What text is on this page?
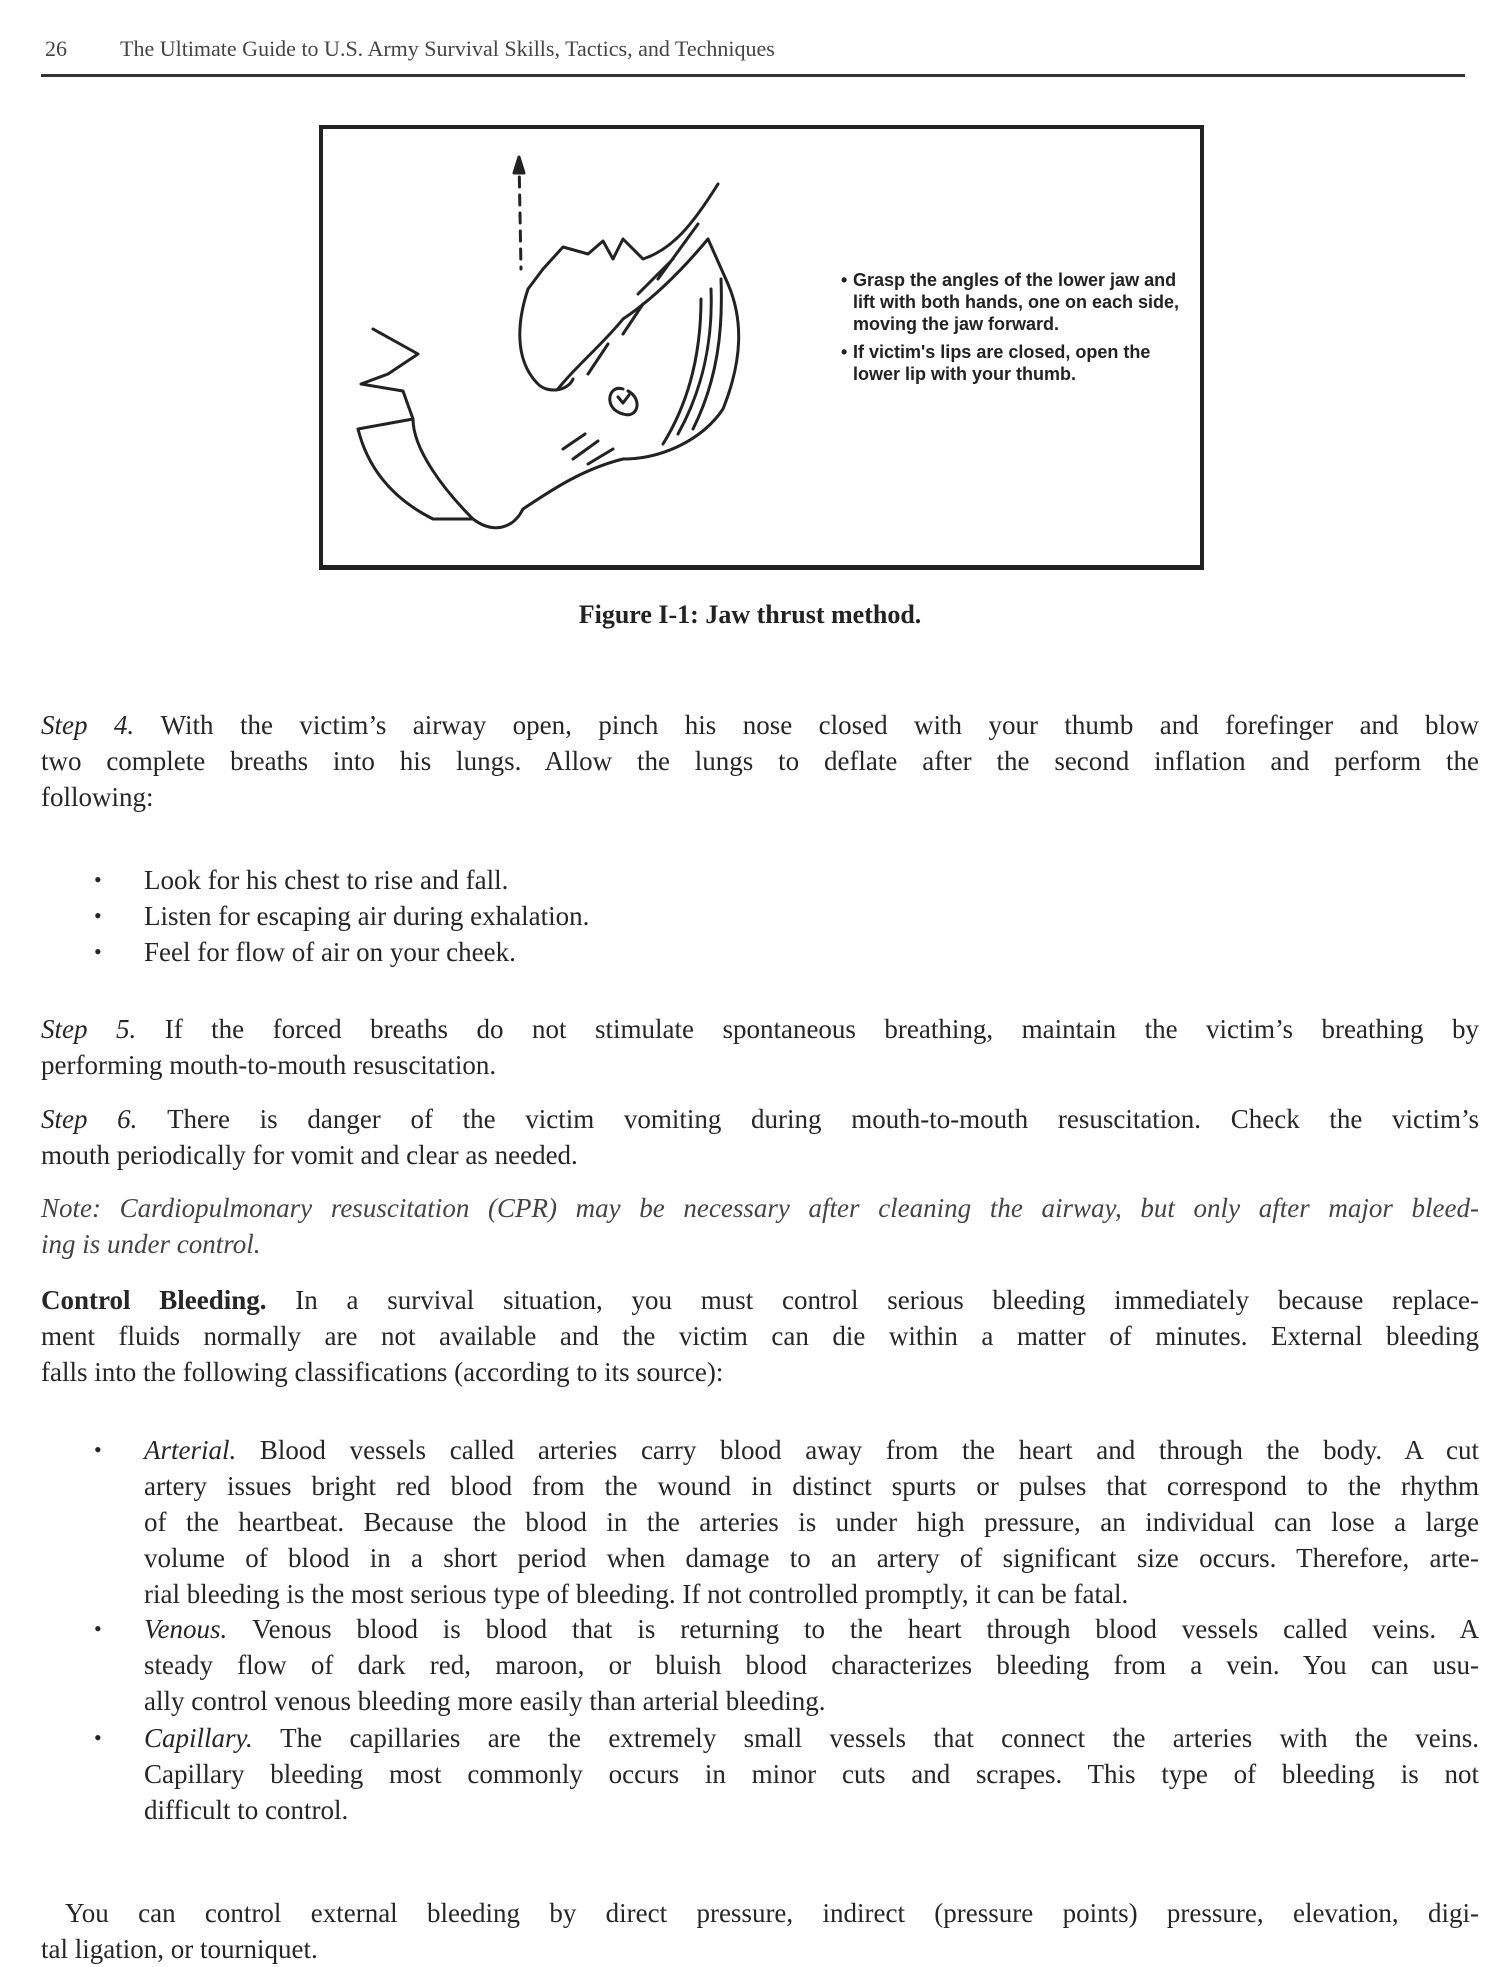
26 The Ultimate Guide to U.S. Army Survival Skills, Tactics, and Techniques
• Grasp the angles of the lower jaw and lift with both hands, one on each side, moving the jaw forward.
• If victim's lips are closed, open the lower lip with your thumb.
Figure I-1: Jaw thrust method.
Step 4. With the victim’s airway open, pinch his nose closed with your thumb and forefinger and blow
two complete breaths into his lungs. Allow the lungs to deflate after the second inflation and perform the
following:
• Look for his chest to rise and fall.
• Listen for escaping air during exhalation.
• Feel for flow of air on your cheek.
Step 5. If the forced breaths do not stimulate spontaneous breathing, maintain the victim’s breathing by
performing mouth-to-mouth resuscitation.
Step 6. There is danger of the victim vomiting during mouth-to-mouth resuscitation. Check the victim’s
mouth periodically for vomit and clear as needed.
Note: Cardiopulmonary resuscitation (CPR) may be necessary after cleaning the airway, but only after major bleed-
ing is under control.
Control Bleeding. In a survival situation, you must control serious bleeding immediately because replace-
ment fluids normally are not available and the victim can die within a matter of minutes. External bleeding
falls into the following classifications (according to its source):
• Arterial. Blood vessels called arteries carry blood away from the heart and through the body. A cut
artery issues bright red blood from the wound in distinct spurts or pulses that correspond to the rhythm
of the heartbeat. Because the blood in the arteries is under high pressure, an individual can lose a large
volume of blood in a short period when damage to an artery of significant size occurs. Therefore, arte-
rial bleeding is the most serious type of bleeding. If not controlled promptly, it can be fatal.
• Venous. Venous blood is blood that is returning to the heart through blood vessels called veins. A
steady flow of dark red, maroon, or bluish blood characterizes bleeding from a vein. You can usu-
ally control venous bleeding more easily than arterial bleeding.
• Capillary. The capillaries are the extremely small vessels that connect the arteries with the veins.
Capillary bleeding most commonly occurs in minor cuts and scrapes. This type of bleeding is not
difficult to control.
You can control external bleeding by direct pressure, indirect (pressure points) pressure, elevation, digi-
tal ligation, or tourniquet.
